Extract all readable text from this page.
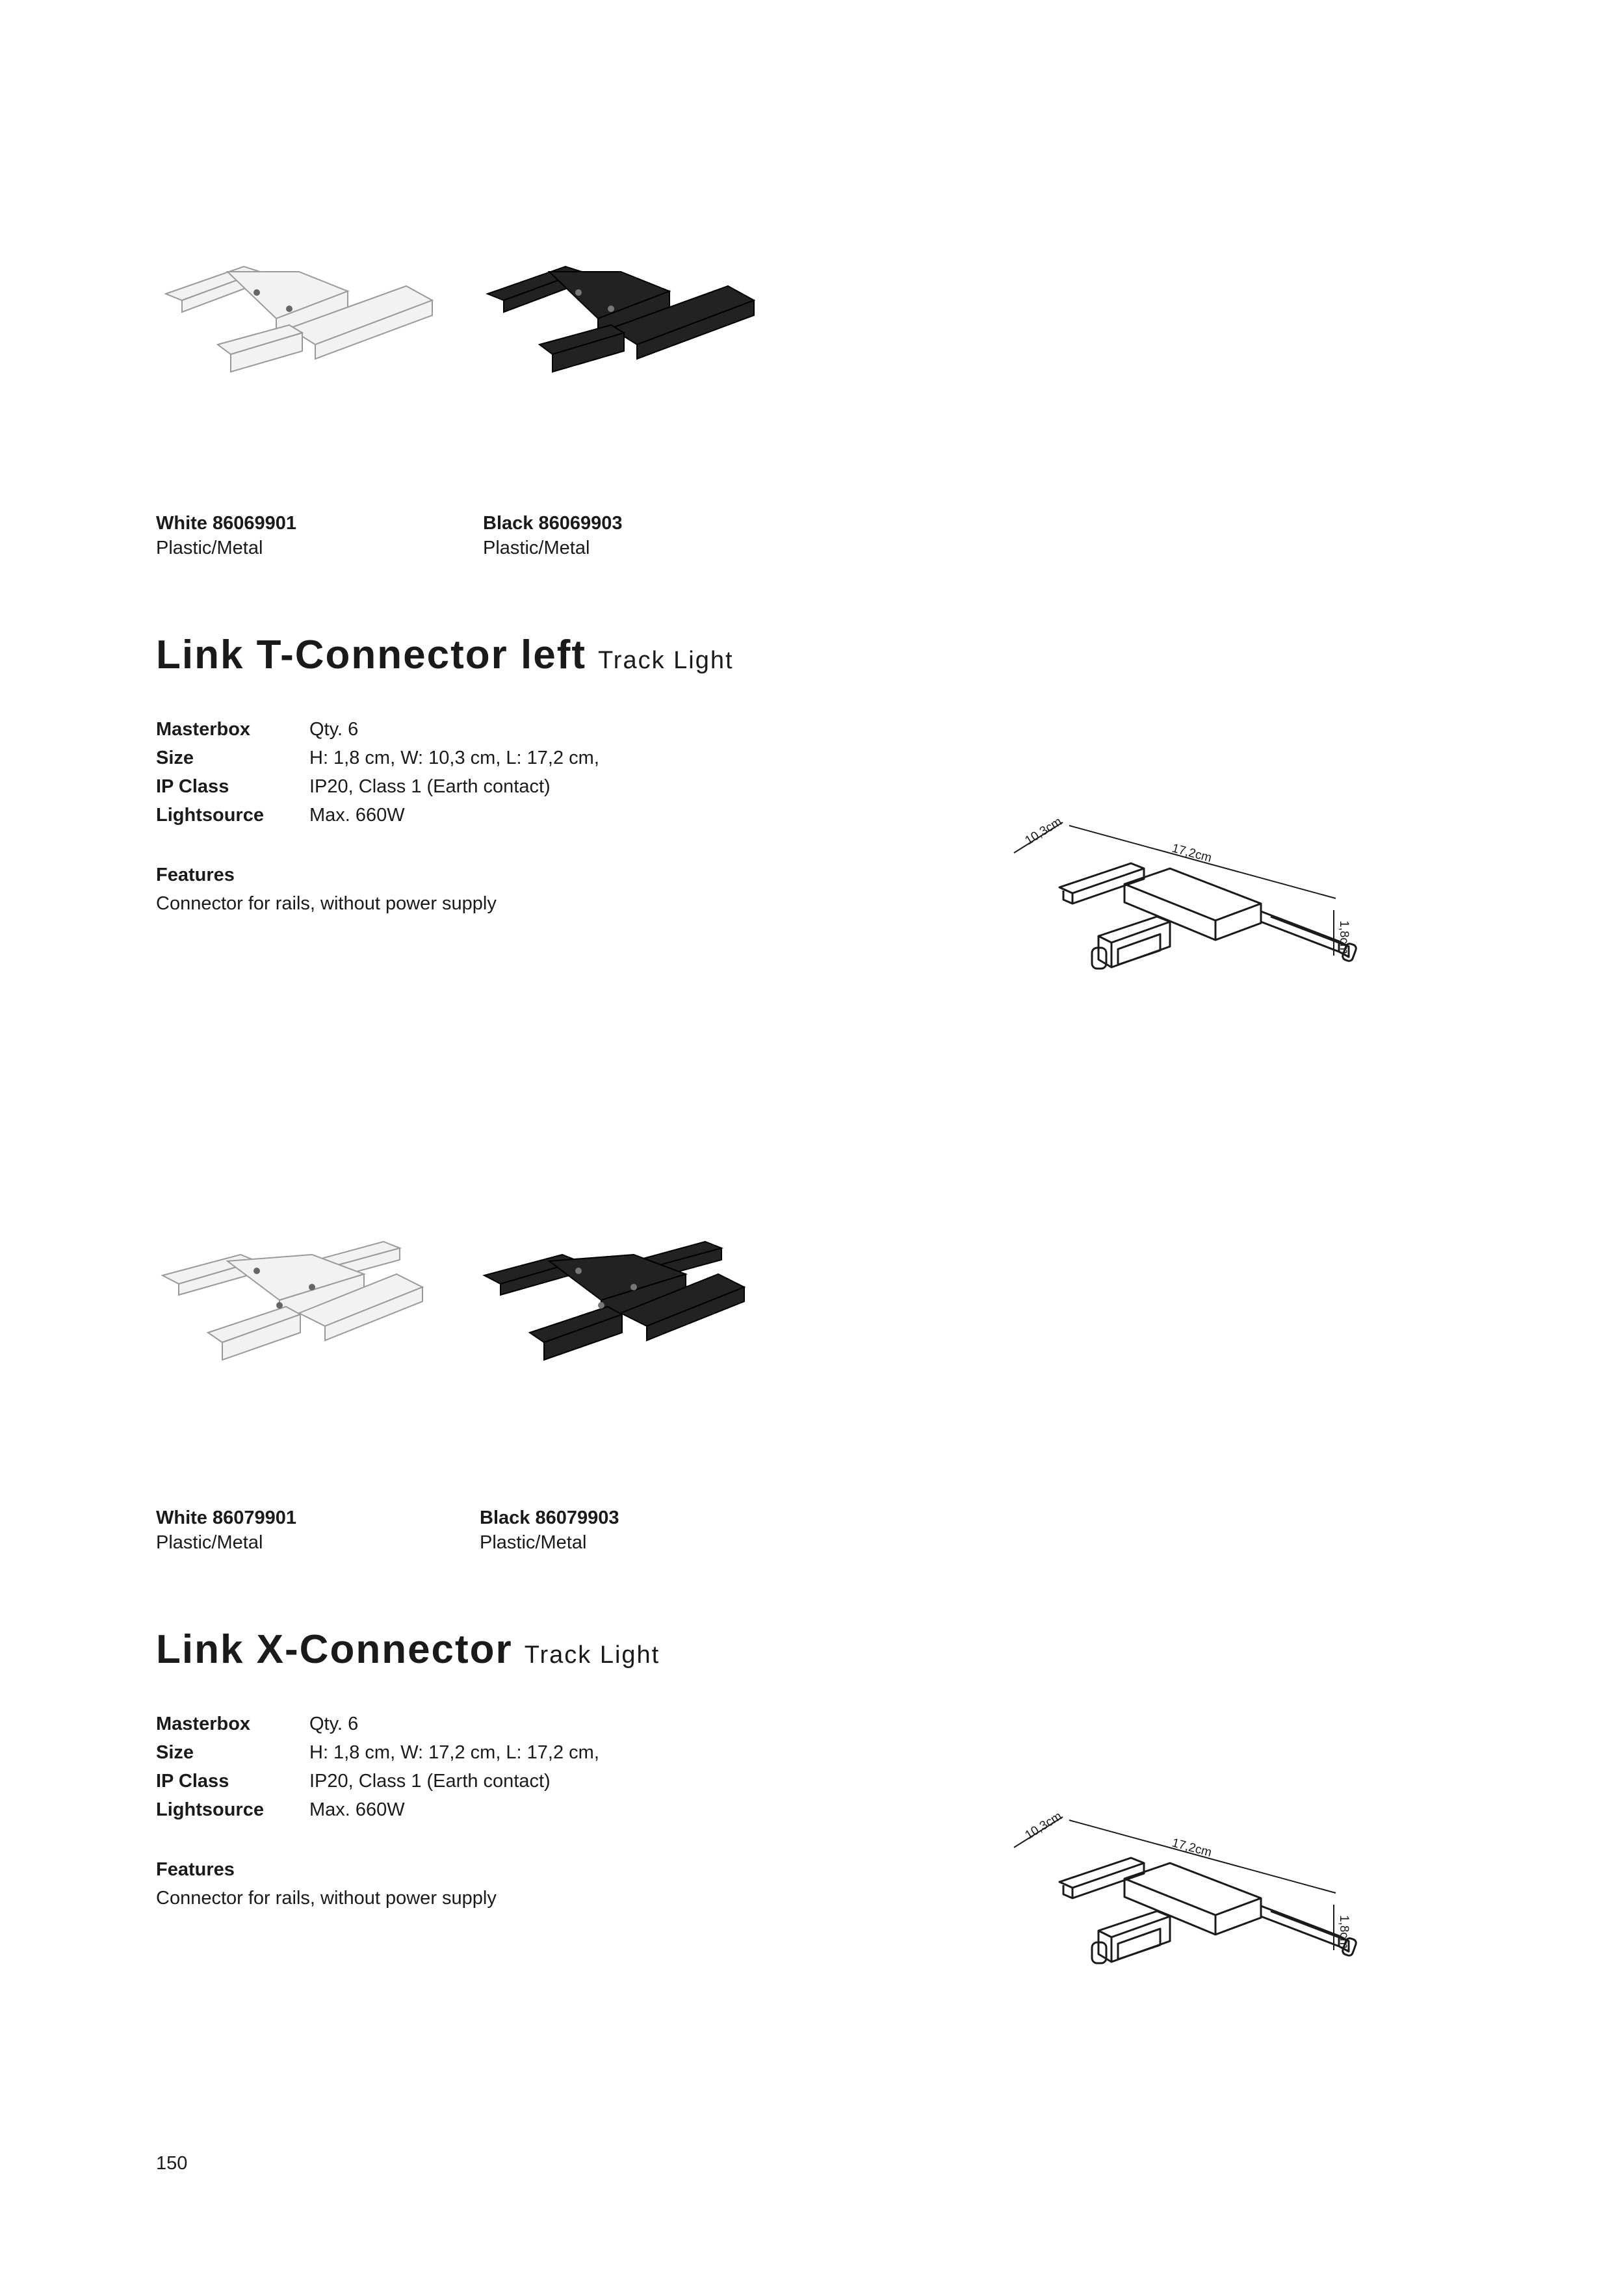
White 86069901
Plastic/Metal
Black 86069903
Plastic/Metal
Link T-Connector left Track Light
Masterbox	Qty. 6
Size	H: 1,8 cm, W: 10,3 cm, L: 17,2 cm,
IP Class	IP20, Class 1 (Earth contact)
Lightsource Max. 660W
Features
Connector for rails, without power supply
10,3cm
17,2cm
1,8cm
White 86079901
Plastic/Metal
Black 86079903
Plastic/Metal
Link X-Connector Track Light
Masterbox	Qty. 6
Size	H: 1,8 cm, W: 17,2 cm, L: 17,2 cm,
IP Class	IP20, Class 1 (Earth contact)
Lightsource Max. 660W
Features
Connector for rails, without power supply
10,3cm
17,2cm
1,8cm
150
